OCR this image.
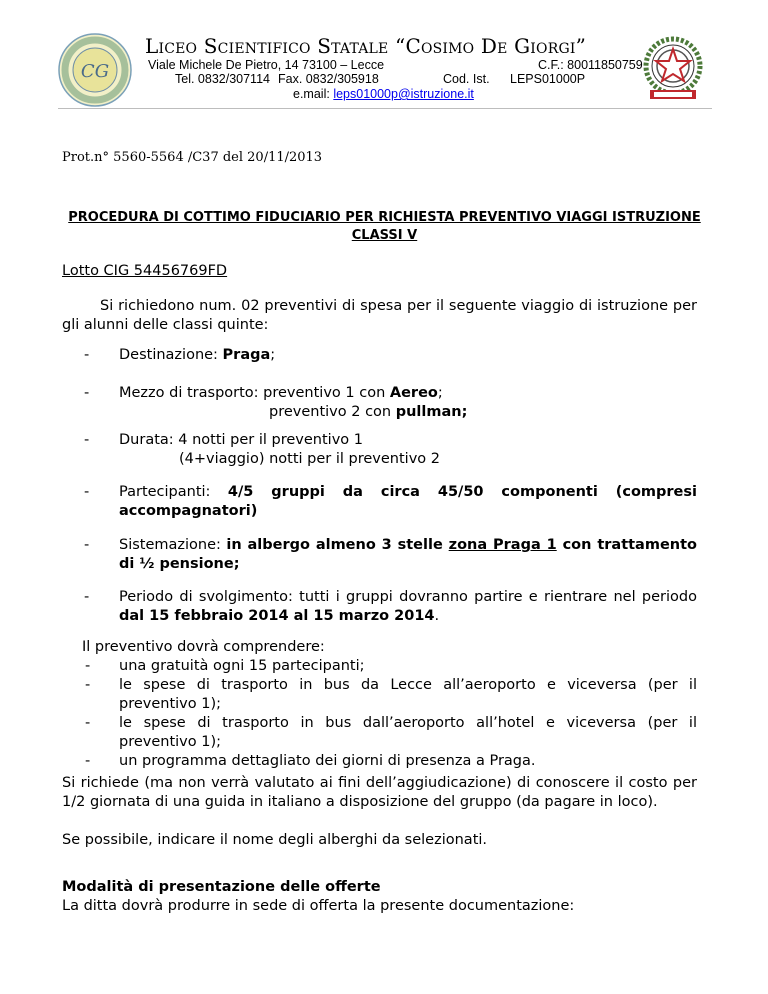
CG
Liceo Scientifico Statale “Cosimo De Giorgi”
Viale Michele De Pietro, 14 73100 – Lecce	C.F.: 80011850759
Tel. 0832/307114 Fax. 0832/305918	Cod. Ist. LEPS01000P
e.mail: leps01000p@istruzione.it
Prot.n° 5560-5564 /C37 del 20/11/2013
PROCEDURA DI COTTIMO FIDUCIARIO PER RICHIESTA PREVENTIVO VIAGGI ISTRUZIONE CLASSI V
Lotto CIG 54456769FD
Si richiedono num. 02 preventivi di spesa per il seguente viaggio di istruzione per gli alunni delle classi quinte:
- Destinazione: Praga;
- Mezzo di trasporto: preventivo 1 con Aereo;
preventivo 2 con pullman;
- Durata: 4 notti per il preventivo 1
(4+viaggio) notti per il preventivo 2
- Partecipanti: 4/5 gruppi da circa 45/50 componenti (compresi accompagnatori)
- Sistemazione: in albergo almeno 3 stelle zona Praga 1 con trattamento di ½ pensione;
- Periodo di svolgimento: tutti i gruppi dovranno partire e rientrare nel periodo dal 15 febbraio 2014 al 15 marzo 2014.
Il preventivo dovrà comprendere:
- una gratuità ogni 15 partecipanti;
- le spese di trasporto in bus da Lecce all’aeroporto e viceversa (per il preventivo 1);
- le spese di trasporto in bus dall’aeroporto all’hotel e viceversa (per il preventivo 1);
- un programma dettagliato dei giorni di presenza a Praga.
Si richiede (ma non verrà valutato ai fini dell’aggiudicazione) di conoscere il costo per 1/2 giornata di una guida in italiano a disposizione del gruppo (da pagare in loco).
Se possibile, indicare il nome degli alberghi da selezionati.
Modalità di presentazione delle offerte
La ditta dovrà produrre in sede di offerta la presente documentazione:
